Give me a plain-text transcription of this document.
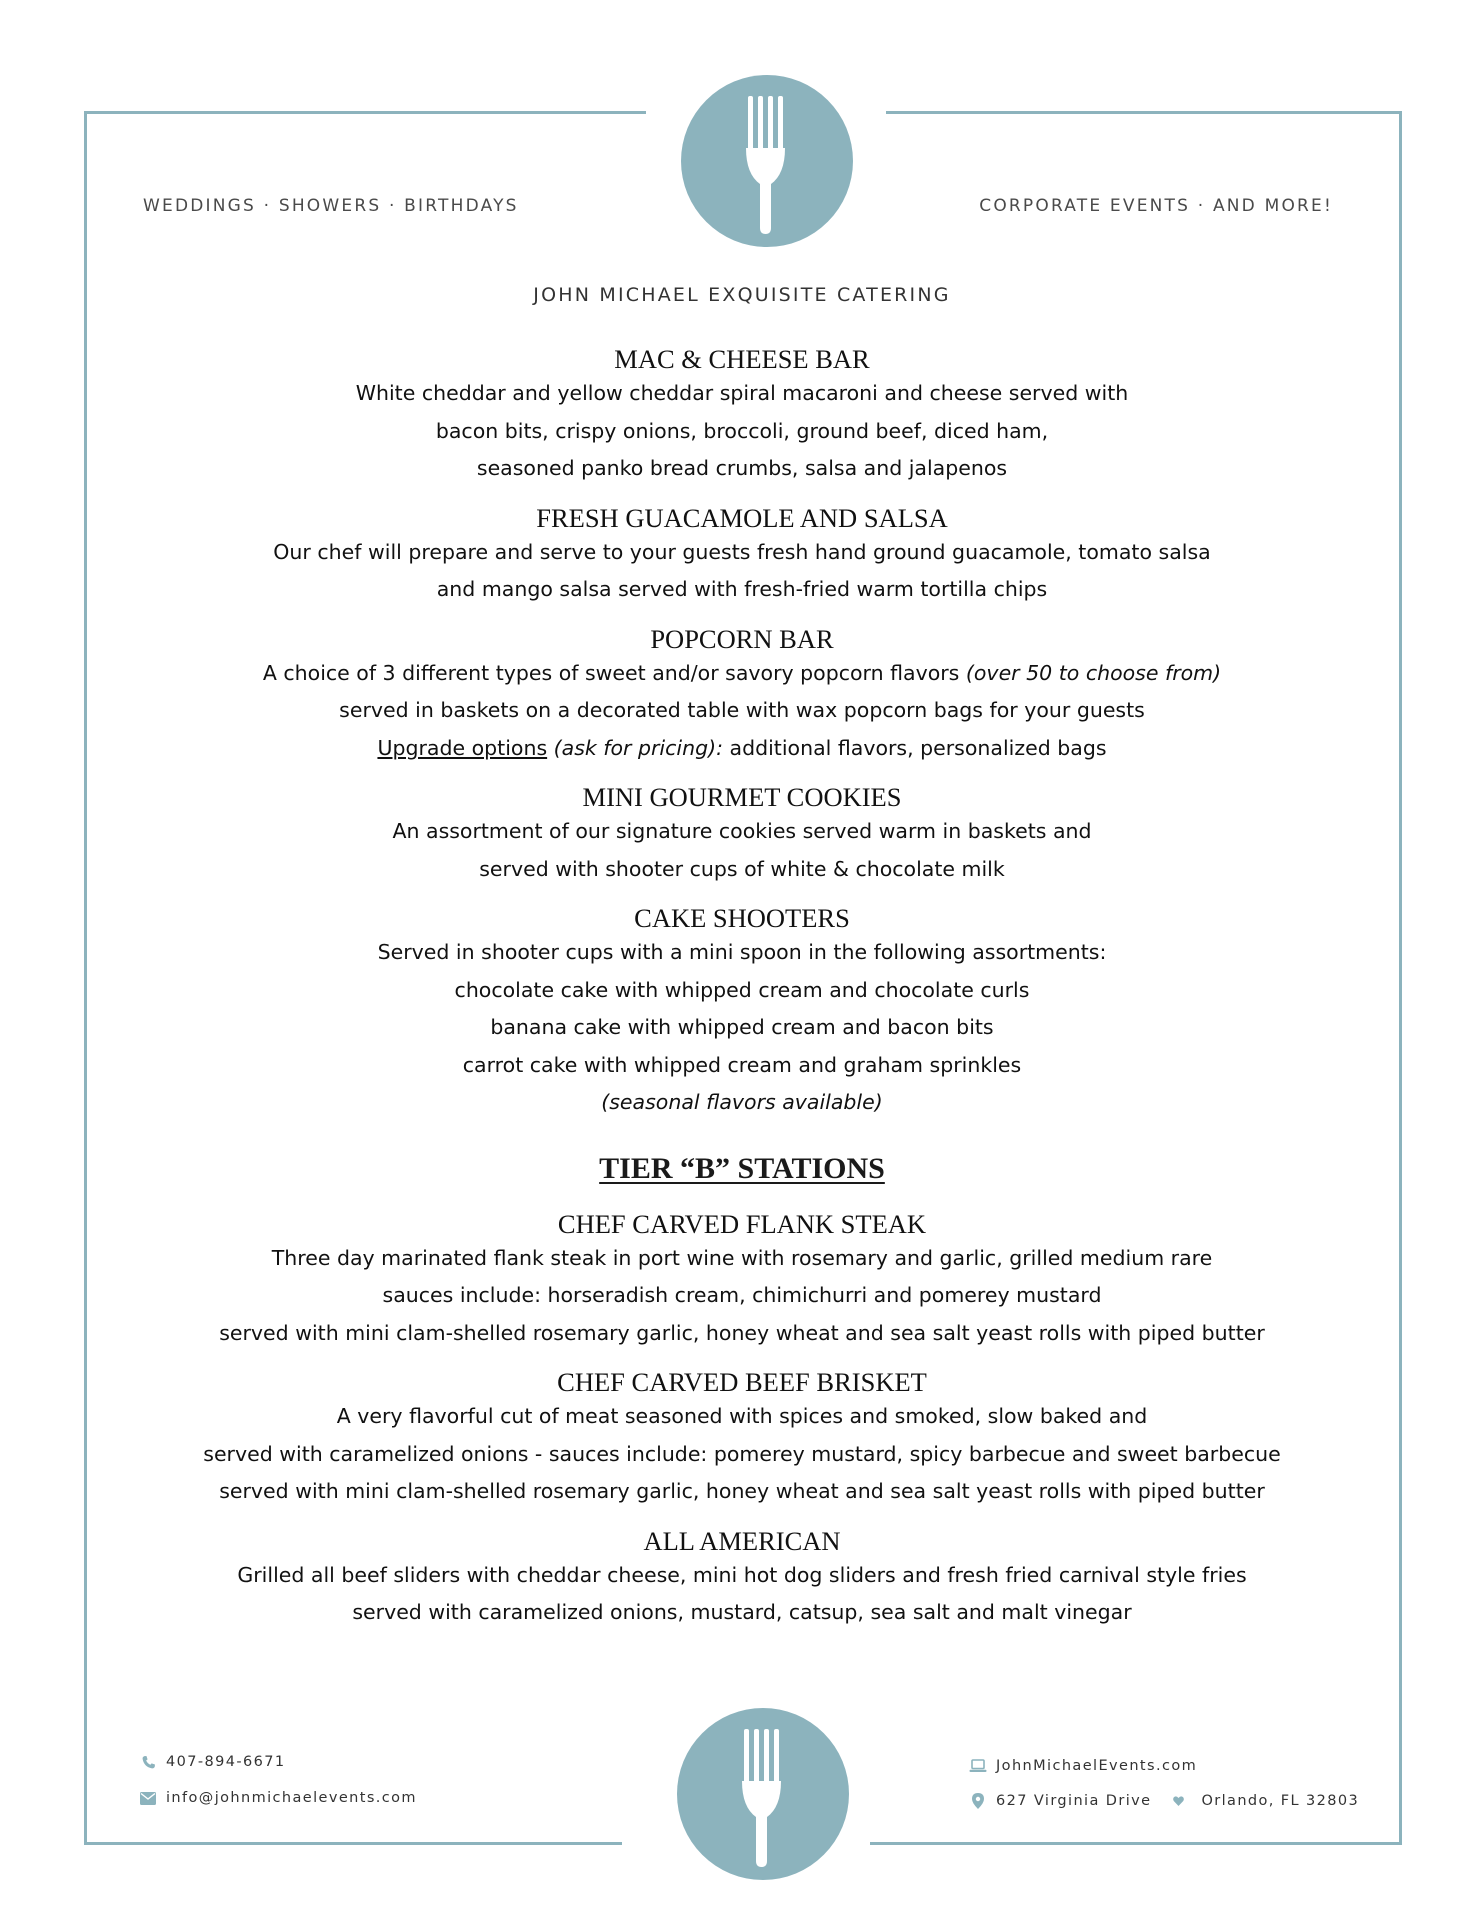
WEDDINGS · SHOWERS · BIRTHDAYS	CORPORATE EVENTS · AND MORE!
JOHN MICHAEL EXQUISITE CATERING
MAC & CHEESE BAR

White cheddar and yellow cheddar spiral macaroni and cheese served with

bacon bits, crispy onions, broccoli, ground beef, diced ham,

seasoned panko bread crumbs, salsa and jalapenos

FRESH GUACAMOLE AND SALSA

Our chef will prepare and serve to your guests fresh hand ground guacamole, tomato salsa

and mango salsa served with fresh-fried warm tortilla chips

POPCORN BAR

A choice of 3 different types of sweet and/or savory popcorn flavors (over 50 to choose from)

served in baskets on a decorated table with wax popcorn bags for your guests

Upgrade options (ask for pricing): additional flavors, personalized bags

MINI GOURMET COOKIES

An assortment of our signature cookies served warm in baskets and

served with shooter cups of white & chocolate milk

CAKE SHOOTERS

Served in shooter cups with a mini spoon in the following assortments:

chocolate cake with whipped cream and chocolate curls

banana cake with whipped cream and bacon bits

carrot cake with whipped cream and graham sprinkles

(seasonal flavors available)

TIER “B” STATIONS
CHEF CARVED FLANK STEAK

Three day marinated flank steak in port wine with rosemary and garlic, grilled medium rare

sauces include: horseradish cream, chimichurri and pomerey mustard

served with mini clam-shelled rosemary garlic, honey wheat and sea salt yeast rolls with piped butter

CHEF CARVED BEEF BRISKET

A very flavorful cut of meat seasoned with spices and smoked, slow baked and

served with caramelized onions - sauces include: pomerey mustard, spicy barbecue and sweet barbecue

served with mini clam-shelled rosemary garlic, honey wheat and sea salt yeast rolls with piped butter

ALL AMERICAN

Grilled all beef sliders with cheddar cheese, mini hot dog sliders and fresh fried carnival style fries

served with caramelized onions, mustard, catsup, sea salt and malt vinegar

407-894-6671
info@johnmichaelevents.com
JohnMichaelEvents.com
627 Virginia Drive	Orlando, FL 32803
